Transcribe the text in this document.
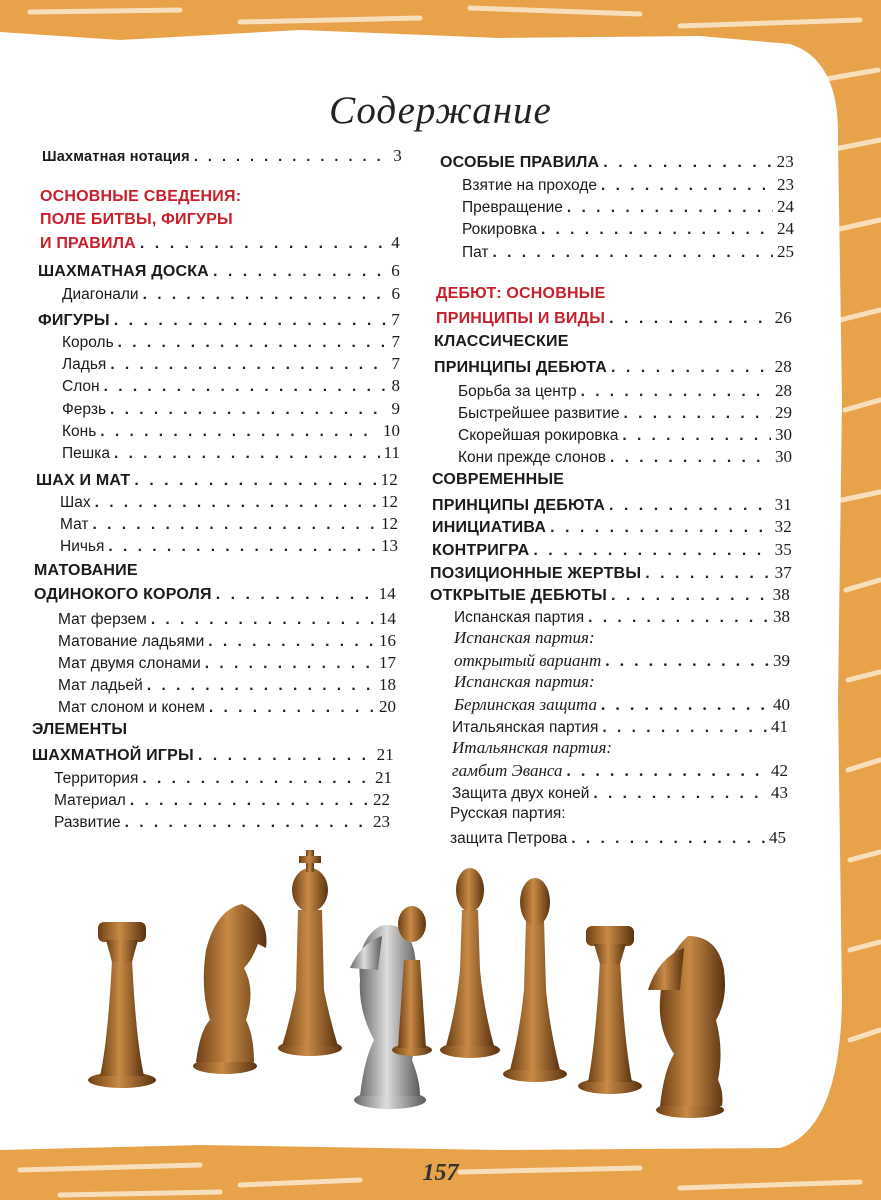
Содержание
Шахматная нотация . . .	3
ОСНОВНЫЕ СВЕДЕНИЯ:
ПОЛЕ БИТВЫ, ФИГУРЫ
И ПРАВИЛА . . .	4
ШАХМАТНАЯ ДОСКА . . .	6
Диагонали . . .	6
ФИГУРЫ . . .	7
Король . . .	7
Ладья . . .	7
Слон . . .	8
Ферзь . . .	9
Конь . . .	10
Пешка . . .	11
ШАХ И МАТ . . .	12
Шах . . .	12
Мат . . .	12
Ничья . . .	13
МАТОВАНИЕ
ОДИНОКОГО КОРОЛЯ . . .	14
Мат ферзем . . .	14
Матование ладьями . . .	16
Мат двумя слонами . . .	17
Мат ладьей . . .	18
Мат слоном и конем . . .	20
ЭЛЕМЕНТЫ
ШАХМАТНОЙ ИГРЫ . . .	21
Территория . . .	21
Материал . . .	22
Развитие . . .	23
ОСОБЫЕ ПРАВИЛА . . .	23
Взятие на проходе . . .	23
Превращение . . .	24
Рокировка . . .	24
Пат . . .	25
ДЕБЮТ: ОСНОВНЫЕ
ПРИНЦИПЫ И ВИДЫ . . .	26
КЛАССИЧЕСКИЕ
ПРИНЦИПЫ ДЕБЮТА . . .	28
Борьба за центр . . .	28
Быстрейшее развитие . . .	29
Скорейшая рокировка . . .	30
Кони прежде слонов . . .	30
СОВРЕМЕННЫЕ
ПРИНЦИПЫ ДЕБЮТА . . .	31
ИНИЦИАТИВА . . .	32
КОНТРИГРА . . .	35
ПОЗИЦИОННЫЕ ЖЕРТВЫ . . .	37
ОТКРЫТЫЕ ДЕБЮТЫ . . .	38
Испанская партия . . .	38
Испанская партия:
открытый вариант . . .	39
Испанская партия:
Берлинская защита . . .	40
Итальянская партия . . .	41
Итальянская партия:
гамбит Эванса . . .	42
Защита двух коней . . .	43
Русская партия:
защита Петрова . . .	45
157
